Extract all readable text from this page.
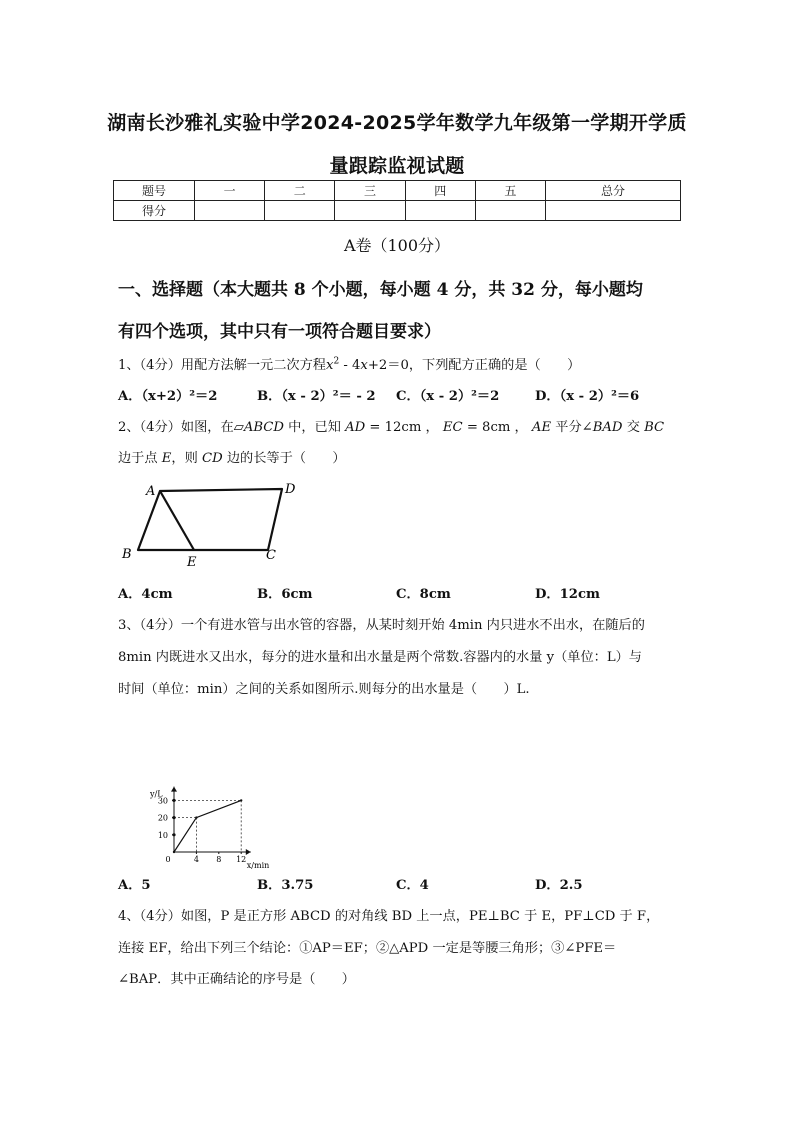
湖南长沙雅礼实验中学2024-2025学年数学九年级第一学期开学质
量跟踪监视试题
题号	一	二	三	四	五	总分
得分						
A卷（100分）
一、选择题（本大题共 8 个小题，每小题 4 分，共 32 分，每小题均
有四个选项，其中只有一项符合题目要求）
1、（4分）用配方法解一元二次方程$x^2 - 4x+2=0$，下列配方正确的是（　　）
A．（x+2）²＝2	B．（x - 2）²＝ - 2 C．（x - 2）²＝2	D．（x - 2）²＝6
2、（4分）如图，在▱ABCD 中，已知 AD = 12cm ， EC = 8cm ， AE 平分∠BAD 交 BC
边于点 E，则 CD 边的长等于（　　）
A	D
B
E	C
A．4cm	B．6cm	C．8cm	D．12cm
3、（4分）一个有进水管与出水管的容器，从某时刻开始 4min 内只进水不出水，在随后的
8min 内既进水又出水，每分的进水量和出水量是两个常数.容器内的水量 y（单位：L）与
时间（单位：min）之间的关系如图所示.则每分的出水量是（　　）L.
y/L
x/min
10
20
30
0	4 8 12
A．5	B．3.75	C．4	D．2.5
4、（4分）如图，P 是正方形 ABCD 的对角线 BD 上一点，PE⊥BC 于 E，PF⊥CD 于 F，
连接 EF，给出下列三个结论：①AP＝EF；②△APD 一定是等腰三角形；③∠PFE＝
∠BAP．其中正确结论的序号是（　　）
